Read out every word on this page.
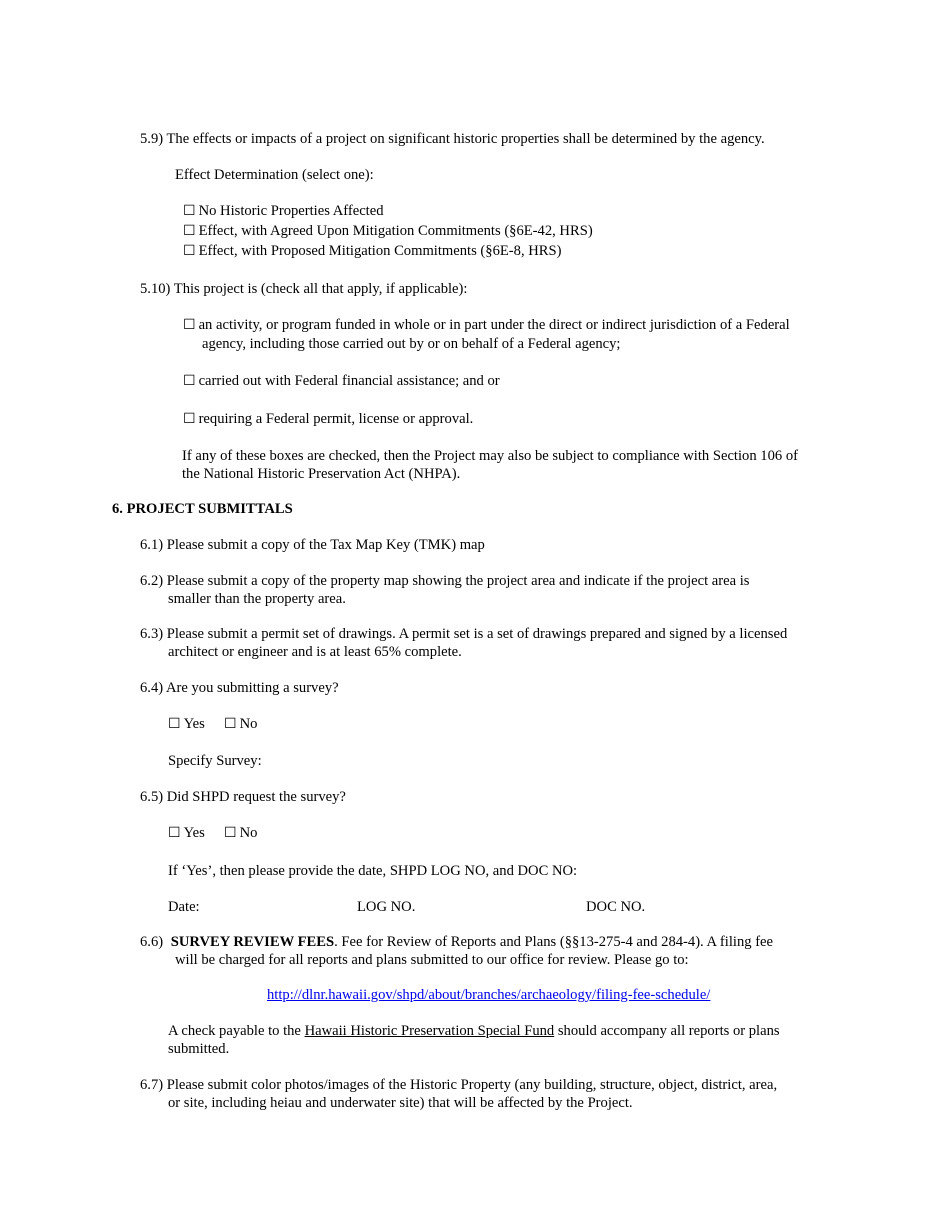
5.9) The effects or impacts of a project on significant historic properties shall be determined by the agency.
Effect Determination (select one):
☐ No Historic Properties Affected
☐ Effect, with Agreed Upon Mitigation Commitments (§6E-42, HRS)
☐ Effect, with Proposed Mitigation Commitments (§6E-8, HRS)
5.10) This project is (check all that apply, if applicable):
☐ an activity, or program funded in whole or in part under the direct or indirect jurisdiction of a Federal
agency, including those carried out by or on behalf of a Federal agency;
☐ carried out with Federal financial assistance; and or
☐ requiring a Federal permit, license or approval.
If any of these boxes are checked, then the Project may also be subject to compliance with Section 106 of
the National Historic Preservation Act (NHPA).
6. PROJECT SUBMITTALS
6.1) Please submit a copy of the Tax Map Key (TMK) map
6.2) Please submit a copy of the property map showing the project area and indicate if the project area is
smaller than the property area.
6.3) Please submit a permit set of drawings. A permit set is a set of drawings prepared and signed by a licensed
architect or engineer and is at least 65% complete.
6.4) Are you submitting a survey?
☐ Yes ☐ No
Specify Survey:
6.5) Did SHPD request the survey?
☐ Yes ☐ No
If ‘Yes’, then please provide the date, SHPD LOG NO, and DOC NO:
Date:	LOG NO.	DOC NO.
6.6) SURVEY REVIEW FEES. Fee for Review of Reports and Plans (§§13-275-4 and 284-4). A filing fee
will be charged for all reports and plans submitted to our office for review. Please go to:
http://dlnr.hawaii.gov/shpd/about/branches/archaeology/filing-fee-schedule/
A check payable to the Hawaii Historic Preservation Special Fund should accompany all reports or plans
submitted.
6.7) Please submit color photos/images of the Historic Property (any building, structure, object, district, area,
or site, including heiau and underwater site) that will be affected by the Project.
